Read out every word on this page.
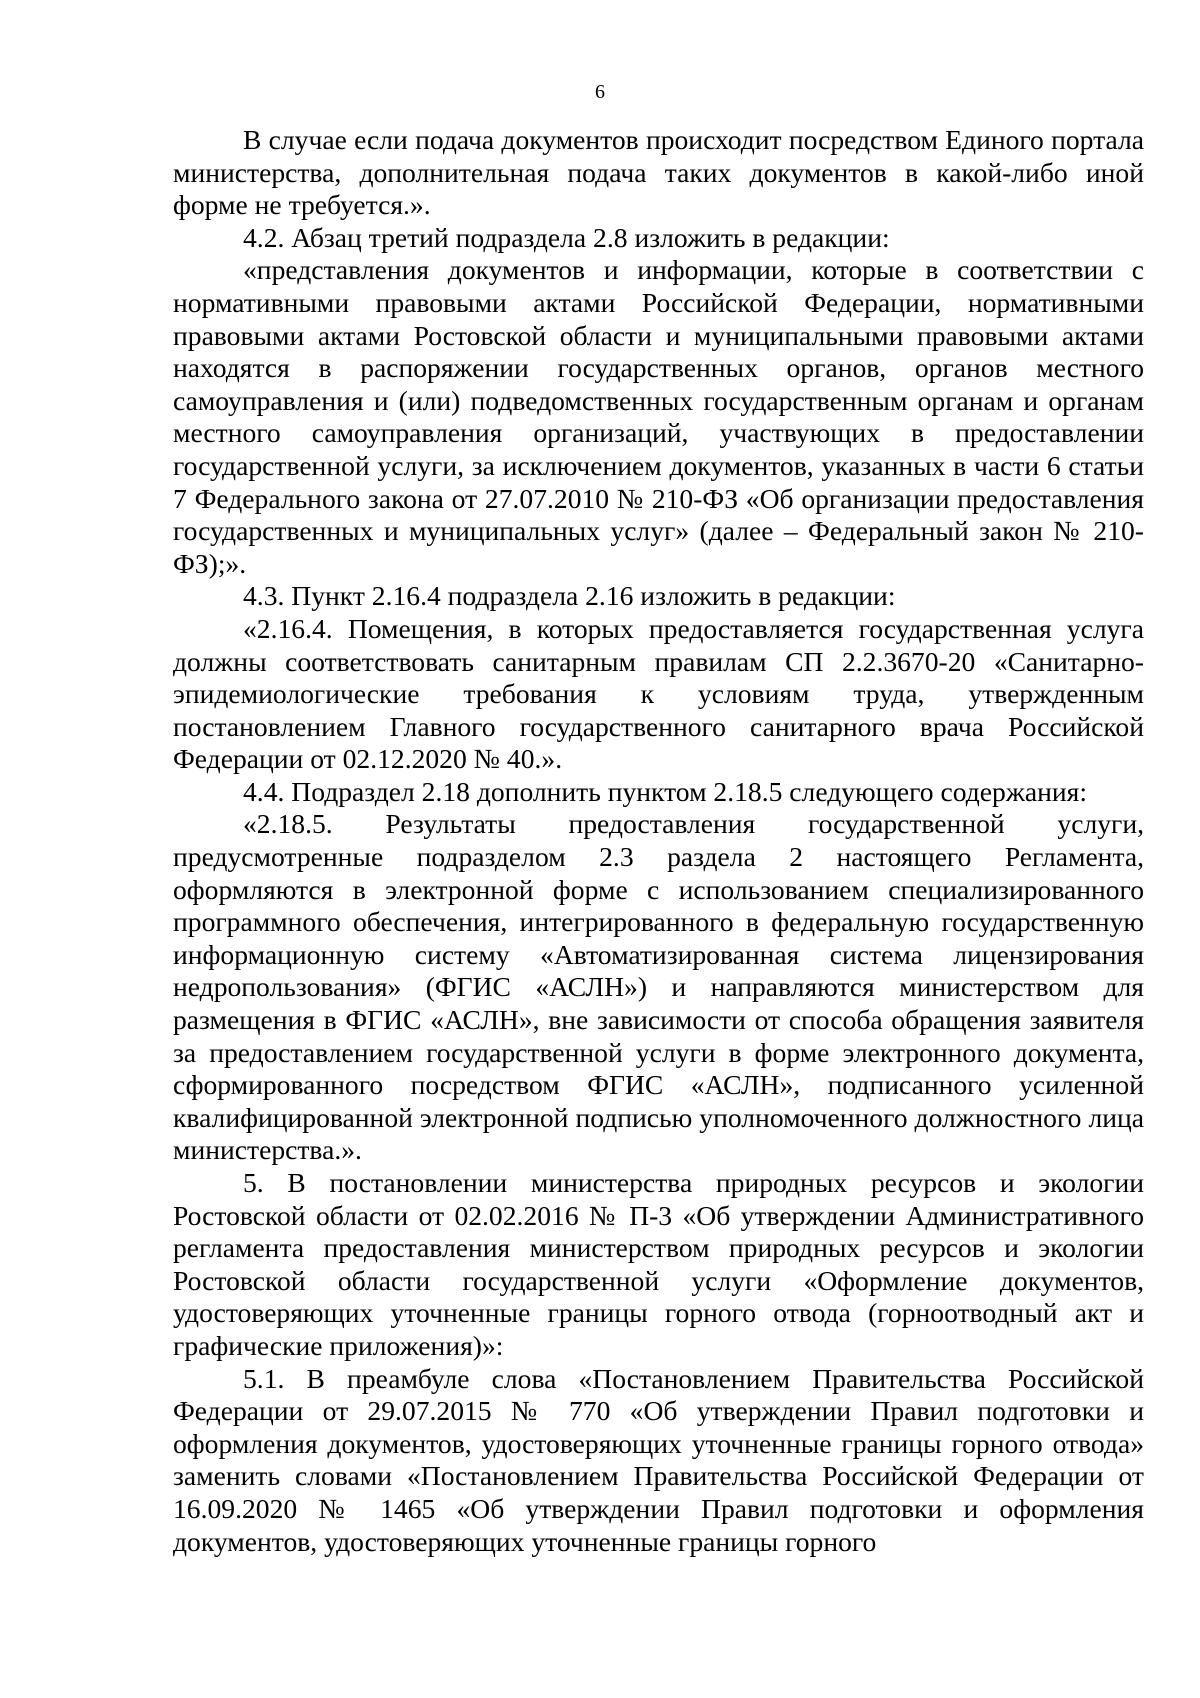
6

В случае если подача документов происходит посредством Единого портала министерства, дополнительная подача таких документов в какой-либо иной форме не требуется.».

4.2. Абзац третий подраздела 2.8 изложить в редакции:

«представления документов и информации, которые в соответствии с нормативными правовыми актами Российской Федерации, нормативными правовыми актами Ростовской области и муниципальными правовыми актами находятся в распоряжении государственных органов, органов местного самоуправления и (или) подведомственных государственным органам и органам местного самоуправления организаций, участвующих в предоставлении государственной услуги, за исключением документов, указанных в части 6 статьи 7 Федерального закона от 27.07.2010 № 210-ФЗ «Об организации предоставления государственных и муниципальных услуг» (далее – Федеральный закон № 210-ФЗ);».

4.3. Пункт 2.16.4 подраздела 2.16 изложить в редакции:

«2.16.4. Помещения, в которых предоставляется государственная услуга должны соответствовать санитарным правилам СП 2.2.3670-20 «Санитарно-эпидемиологические требования к условиям труда, утвержденным постановлением Главного государственного санитарного врача Российской Федерации от 02.12.2020 № 40.».

4.4. Подраздел 2.18 дополнить пунктом 2.18.5 следующего содержания:

«2.18.5. Результаты предоставления государственной услуги, предусмотренные подразделом 2.3 раздела 2 настоящего Регламента, оформляются в электронной форме с использованием специализированного программного обеспечения, интегрированного в федеральную государственную информационную систему «Автоматизированная система лицензирования недропользования» (ФГИС «АСЛН») и направляются министерством для размещения в ФГИС «АСЛН», вне зависимости от способа обращения заявителя за предоставлением государственной услуги в форме электронного документа, сформированного посредством ФГИС «АСЛН», подписанного усиленной квалифицированной электронной подписью уполномоченного должностного лица министерства.».

5. В постановлении министерства природных ресурсов и экологии Ростовской области от 02.02.2016 № П-3 «Об утверждении Административного регламента предоставления министерством природных ресурсов и экологии Ростовской области государственной услуги «Оформление документов, удостоверяющих уточненные границы горного отвода (горноотводный акт и графические приложения)»:

5.1. В преамбуле слова «Постановлением Правительства Российской Федерации от 29.07.2015 № 770 «Об утверждении Правил подготовки и оформления документов, удостоверяющих уточненные границы горного отвода» заменить словами «Постановлением Правительства Российской Федерации от 16.09.2020 № 1465 «Об утверждении Правил подготовки и оформления документов, удостоверяющих уточненные границы горного
